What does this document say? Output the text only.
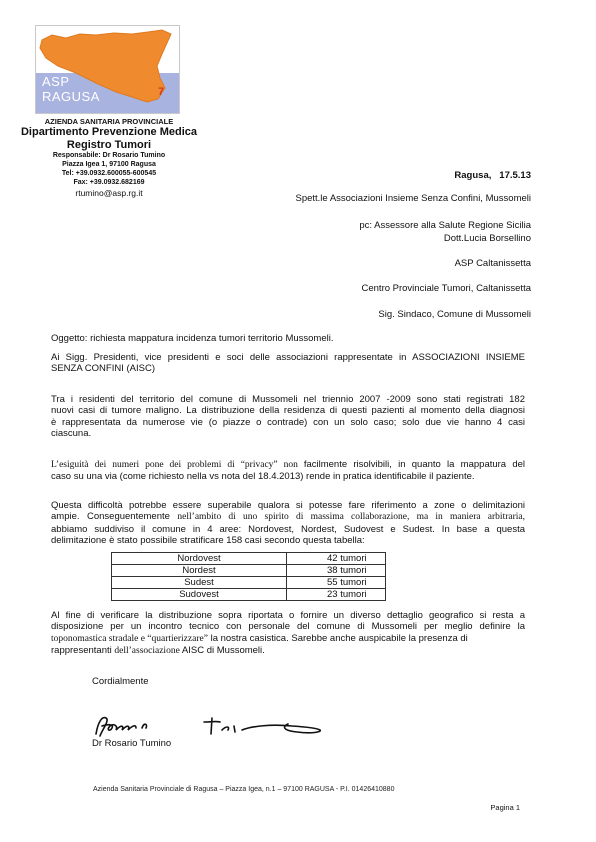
ASP
RAGUSA	7
AZIENDA SANITARIA PROVINCIALE
Dipartimento Prevenzione Medica
Registro Tumori
Responsabile: Dr Rosario Tumino
Piazza Igea 1, 97100 Ragusa
Tel: +39.0932.600055-600545
Fax: +39.0932.682169
rtumino@asp.rg.it
Ragusa, 17.5.13
Spett.le Associazioni Insieme Senza Confini, Mussomeli
pc: Assessore alla Salute Regione Sicilia
Dott.Lucia Borsellino
ASP Caltanissetta
Centro Provinciale Tumori, Caltanissetta
Sig. Sindaco, Comune di Mussomeli
Oggetto: richiesta mappatura incidenza tumori territorio Mussomeli.
Ai Sigg. Presidenti, vice presidenti e soci delle associazioni rappresentate in ASSOCIAZIONI INSIEME
SENZA CONFINI (AISC)
Tra i residenti del territorio del comune di Mussomeli nel triennio 2007 -2009 sono stati registrati 182
nuovi casi di tumore maligno. La distribuzione della residenza di questi pazienti al momento della diagnosi
è rappresentata da numerose vie (o piazze o contrade) con un solo caso; solo due vie hanno 4 casi
ciascuna.
L’esiguità dei numeri pone dei problemi di “privacy” non facilmente risolvibili, in quanto la mappatura del
caso su una via (come richiesto nella vs nota del 18.4.2013) rende in pratica identificabile il paziente.
Questa difficoltà potrebbe essere superabile qualora si potesse fare riferimento a zone o delimitazioni
ampie. Conseguentemente nell’ambito di uno spirito di massima collaborazione, ma in maniera arbitraria,
abbiamo suddiviso il comune in 4 aree: Nordovest, Nordest, Sudovest e Sudest. In base a questa
delimitazione è stato possibile stratificare 158 casi secondo questa tabella:
Nordovest	42 tumori
Nordest	38 tumori
Sudest	55 tumori
Sudovest	23 tumori
Al fine di verificare la distribuzione sopra riportata o fornire un diverso dettaglio geografico si resta a
disposizione per un incontro tecnico con personale del comune di Mussomeli per meglio definire la
toponomastica stradale e “quartierizzare” la nostra casistica. Sarebbe anche auspicabile la presenza di
rappresentanti dell’associazione AISC di Mussomeli.
Cordialmente
Dr Rosario Tumino
Azienda Sanitaria Provinciale di Ragusa – Piazza Igea, n.1 – 97100 RAGUSA - P.I. 01426410880
Pagina 1
